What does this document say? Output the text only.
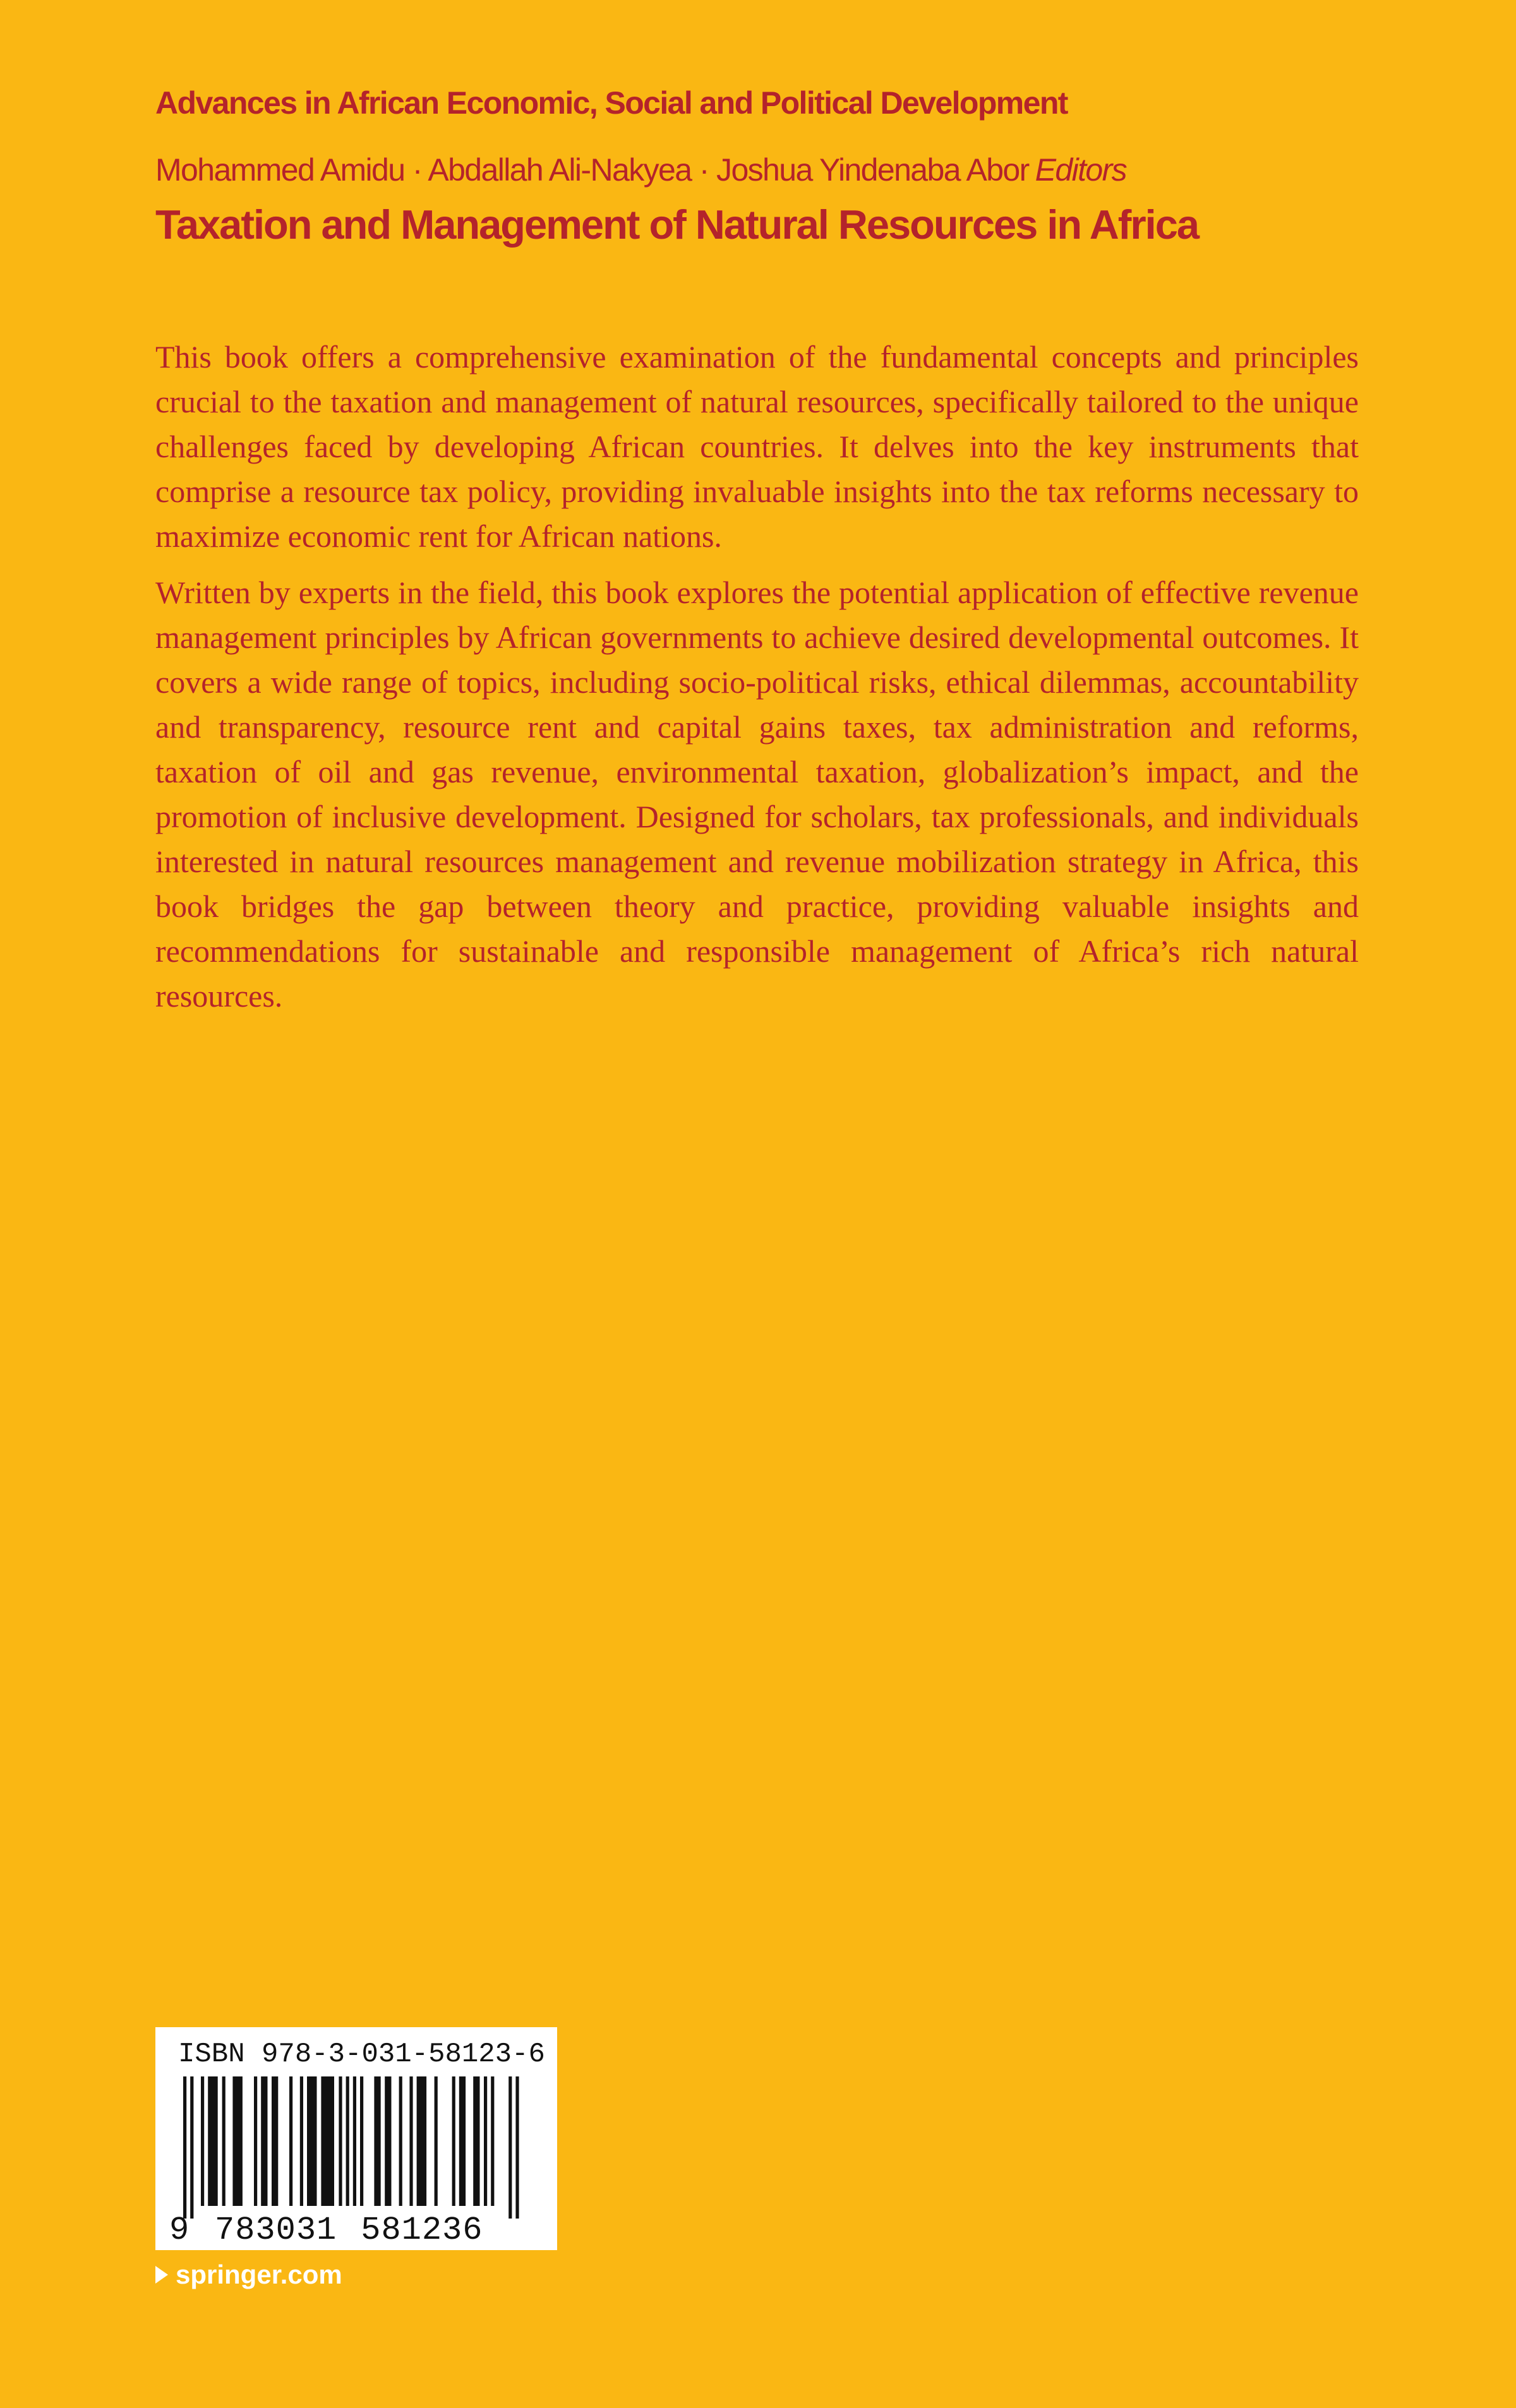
Advances in African Economic, Social and Political Development
Mohammed Amidu · Abdallah Ali-Nakyea · Joshua Yindenaba Abor Editors
Taxation and Management of Natural Resources in Africa

This book offers a comprehensive examination of the fundamental concepts and principles crucial to the taxation and management of natural resources, specifically tailored to the unique challenges faced by developing African countries. It delves into the key instruments that comprise a resource tax policy, providing invaluable insights into the tax reforms necessary to maximize economic rent for African nations.

Written by experts in the field, this book explores the potential application of effective revenue management principles by African governments to achieve desired developmental outcomes. It covers a wide range of topics, including socio-political risks, ethical dilemmas, accountability and transparency, resource rent and capital gains taxes, tax administration and reforms, taxation of oil and gas revenue, environmental taxation, globalization’s impact, and the promotion of inclusive development. Designed for scholars, tax professionals, and individuals interested in natural resources management and revenue mobilization strategy in Africa, this book bridges the gap between theory and practice, providing valuable insights and recommendations for sustainable and responsible management of Africa’s rich natural resources.

ISBN 978-3-031-58123-6
9 783031 581236
springer.com
